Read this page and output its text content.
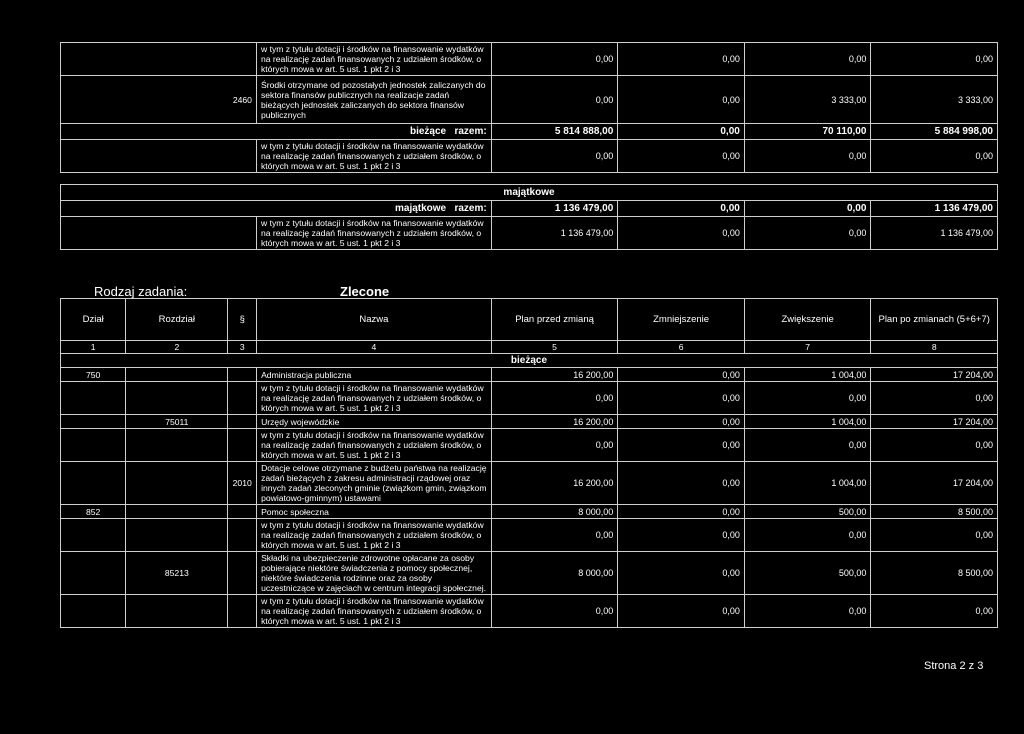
	w tym z tytułu dotacji i środków na finansowanie wydatków na realizację zadań finansowanych z udziałem środków, o których mowa w art. 5 ust. 1 pkt 2 i 3	0,00	0,00	0,00	0,00
2460	Środki otrzymane od pozostałych jednostek zaliczanych do sektora finansów publicznych na realizacje zadań bieżących jednostek zaliczanych do sektora finansów publicznych	0,00	0,00	3 333,00	3 333,00
bieżące razem:		5 814 888,00	0,00	70 110,00	5 884 998,00
	w tym z tytułu dotacji i środków na finansowanie wydatków na realizację zadań finansowanych z udziałem środków, o których mowa w art. 5 ust. 1 pkt 2 i 3	0,00	0,00	0,00	0,00
majątkowe					
majątkowe razem:		1 136 479,00	0,00	0,00	1 136 479,00
	w tym z tytułu dotacji i środków na finansowanie wydatków na realizację zadań finansowanych z udziałem środków, o których mowa w art. 5 ust. 1 pkt 2 i 3	1 136 479,00	0,00	0,00	1 136 479,00
Rodzaj zadania:	Zlecone
Dział	Rozdział	§	Nazwa	Plan przed zmianą	Zmniejszenie	Zwiększenie	Plan po zmianach (5+6+7)
1	2	3	4	5	6	7	8
bieżące							
750			Administracja publiczna	16 200,00	0,00	1 004,00	17 204,00
			w tym z tytułu dotacji i środków na finansowanie wydatków na realizację zadań finansowanych z udziałem środków, o których mowa w art. 5 ust. 1 pkt 2 i 3	0,00	0,00	0,00	0,00
	75011		Urzędy wojewódzkie	16 200,00	0,00	1 004,00	17 204,00
			w tym z tytułu dotacji i środków na finansowanie wydatków na realizację zadań finansowanych z udziałem środków, o których mowa w art. 5 ust. 1 pkt 2 i 3	0,00	0,00	0,00	0,00
		2010	Dotacje celowe otrzymane z budżetu państwa na realizację zadań bieżących z zakresu administracji rządowej oraz innych zadań zleconych gminie (związkom gmin, związkom powiatowo-gminnym) ustawami	16 200,00	0,00	1 004,00	17 204,00
852			Pomoc społeczna	8 000,00	0,00	500,00	8 500,00
			w tym z tytułu dotacji i środków na finansowanie wydatków na realizację zadań finansowanych z udziałem środków, o których mowa w art. 5 ust. 1 pkt 2 i 3	0,00	0,00	0,00	0,00
	85213		Składki na ubezpieczenie zdrowotne opłacane za osoby pobierające niektóre świadczenia z pomocy społecznej, niektóre świadczenia rodzinne oraz za osoby uczestniczące w zajęciach w centrum integracji społecznej.	8 000,00	0,00	500,00	8 500,00
			w tym z tytułu dotacji i środków na finansowanie wydatków na realizację zadań finansowanych z udziałem środków, o których mowa w art. 5 ust. 1 pkt 2 i 3	0,00	0,00	0,00	0,00
Strona 2 z 3
